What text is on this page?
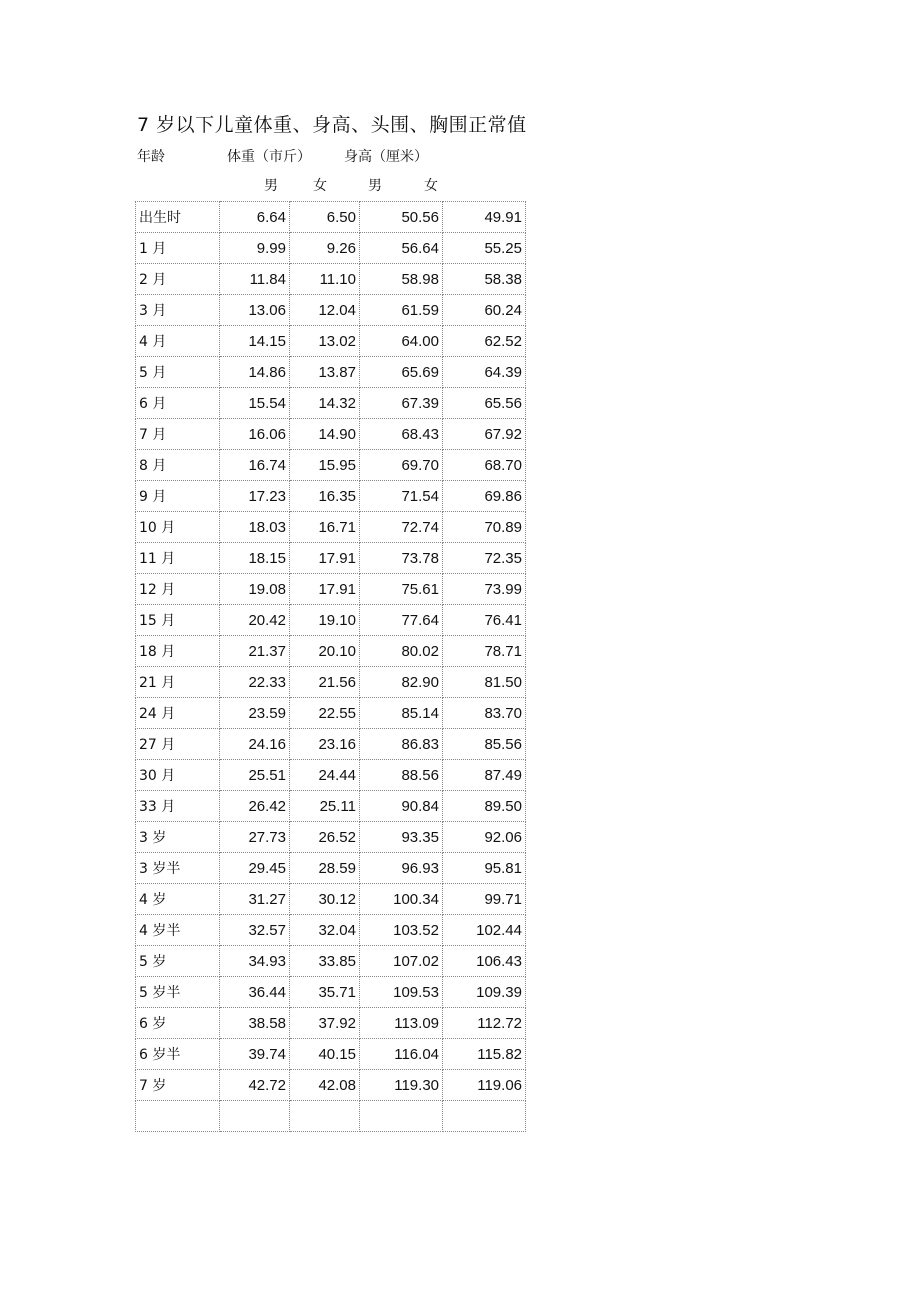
7 岁以下儿童体重、身高、头围、胸围正常值
年龄	体重（市斤） 身高（厘米）
男	女	男	女
出生时	6.64	6.50	50.56	49.91
1 月	9.99	9.26	56.64	55.25
2 月	11.84	11.10	58.98	58.38
3 月	13.06	12.04	61.59	60.24
4 月	14.15	13.02	64.00	62.52
5 月	14.86	13.87	65.69	64.39
6 月	15.54	14.32	67.39	65.56
7 月	16.06	14.90	68.43	67.92
8 月	16.74	15.95	69.70	68.70
9 月	17.23	16.35	71.54	69.86
10 月	18.03	16.71	72.74	70.89
11 月	18.15	17.91	73.78	72.35
12 月	19.08	17.91	75.61	73.99
15 月	20.42	19.10	77.64	76.41
18 月	21.37	20.10	80.02	78.71
21 月	22.33	21.56	82.90	81.50
24 月	23.59	22.55	85.14	83.70
27 月	24.16	23.16	86.83	85.56
30 月	25.51	24.44	88.56	87.49
33 月	26.42	25.11	90.84	89.50
3 岁	27.73	26.52	93.35	92.06
3 岁半	29.45	28.59	96.93	95.81
4 岁	31.27	30.12	100.34	99.71
4 岁半	32.57	32.04	103.52	102.44
5 岁	34.93	33.85	107.02	106.43
5 岁半	36.44	35.71	109.53	109.39
6 岁	38.58	37.92	113.09	112.72
6 岁半	39.74	40.15	116.04	115.82
7 岁	42.72	42.08	119.30	119.06
